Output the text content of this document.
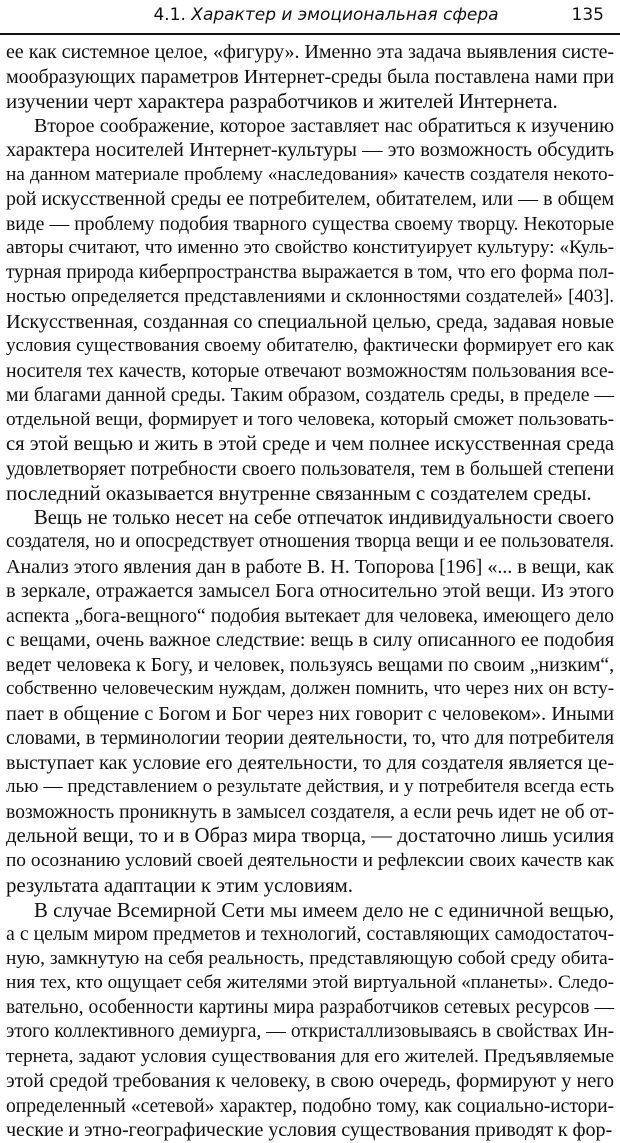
4.1. Характер и эмоциональная сфера	135
ее как системное целое, «фигуру». Именно эта задача выявления систе-
мообразующих параметров Интернет-среды была поставлена нами при
изучении черт характера разработчиков и жителей Интернета.
Второе соображение, которое заставляет нас обратиться к изучению
характера носителей Интернет-культуры — это возможность обсудить
на данном материале проблему «наследования» качеств создателя некото-
рой искусственной среды ее потребителем, обитателем, или — в общем
виде — проблему подобия тварного существа своему творцу. Некоторые
авторы считают, что именно это свойство конституирует культуру: «Куль-
турная природа киберпространства выражается в том, что его форма пол-
ностью определяется представлениями и склонностями создателей» [403].
Искусственная, созданная со специальной целью, среда, задавая новые
условия существования своему обитателю, фактически формирует его как
носителя тех качеств, которые отвечают возможностям пользования все-
ми благами данной среды. Таким образом, создатель среды, в пределе —
отдельной вещи, формирует и того человека, который сможет пользовать-
ся этой вещью и жить в этой среде и чем полнее искусственная среда
удовлетворяет потребности своего пользователя, тем в большей степени
последний оказывается внутренне связанным с создателем среды.
Вещь не только несет на себе отпечаток индивидуальности своего
создателя, но и опосредствует отношения творца вещи и ее пользователя.
Анализ этого явления дан в работе В. Н. Топорова [196] «... в вещи, как
в зеркале, отражается замысел Бога относительно этой вещи. Из этого
аспекта „бога-вещного“ подобия вытекает для человека, имеющего дело
с вещами, очень важное следствие: вещь в силу описанного ее подобия
ведет человека к Богу, и человек, пользуясь вещами по своим „низким“,
собственно человеческим нуждам, должен помнить, что через них он всту-
пает в общение с Богом и Бог через них говорит с человеком». Иными
словами, в терминологии теории деятельности, то, что для потребителя
выступает как условие его деятельности, то для создателя является це-
лью — представлением о результате действия, и у потребителя всегда есть
возможность проникнуть в замысел создателя, а если речь идет не об от-
дельной вещи, то и в Образ мира творца, — достаточно лишь усилия
по осознанию условий своей деятельности и рефлексии своих качеств как
результата адаптации к этим условиям.
В случае Всемирной Сети мы имеем дело не с единичной вещью,
а с целым миром предметов и технологий, составляющих самодостаточ-
ную, замкнутую на себя реальность, представляющую собой среду обита-
ния тех, кто ощущает себя жителями этой виртуальной «планеты». Следо-
вательно, особенности картины мира разработчиков сетевых ресурсов —
этого коллективного демиурга, — откристаллизовываясь в свойствах Ин-
тернета, задают условия существования для его жителей. Предъявляемые
этой средой требования к человеку, в свою очередь, формируют у него
определенный «сетевой» характер, подобно тому, как социально-истори-
ческие и этно-географические условия существования приводят к фор-
